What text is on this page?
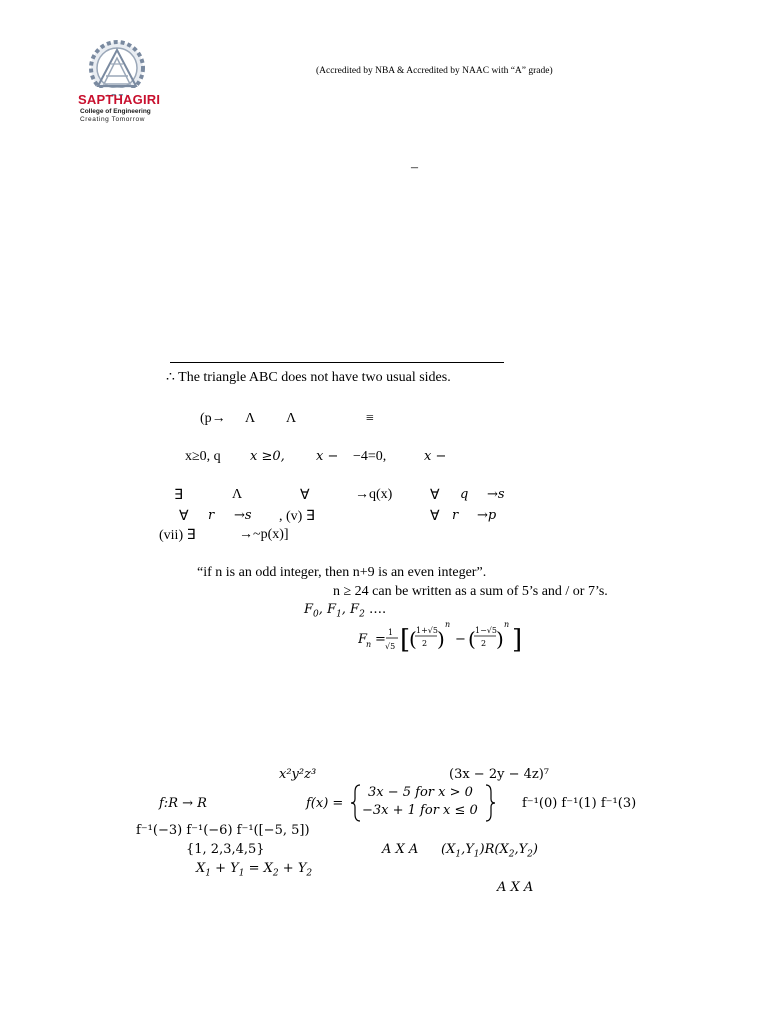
SAPTHAGIRI
College of Engineering
Creating Tomorrow
(Accredited by NBA & Accredited by NAAC with “A” grade)
–
∴ The triangle ABC does not have two usual sides.
(p→ Λ Λ	≡
x≥0, q x ≥0, x − −4=0,	x −
∃	Λ	∀	→q(x)	∀ q →s
∀ r →s , (v) ∃	∀ r →p
(vii) ∃	→~p(x)]
“if n is an odd integer, then n+9 is an even integer”.
n ≥ 24 can be written as a sum of 5’s and / or 7’s.
$F_0$, $F_1$, $F_2$ ….
F
n = 1
√5 [
( 1+√5
2 )
n
− ( 1−√5
2 )
n
]
x²y²z³	(3x − 2y − 4z)⁷
f:R → R	f(x) =
3x − 5 for x > 0
−3x + 1 for x ≤ 0	f⁻¹(0) f⁻¹(1) f⁻¹(3)
f⁻¹(−3) f⁻¹(−6) f⁻¹([−5, 5])
{1, 2,3,4,5}	A X A $(X_1,Y_1)R(X_2,Y_2)$
$X_1 + Y_1 = X_2 + Y_2$
A X A
